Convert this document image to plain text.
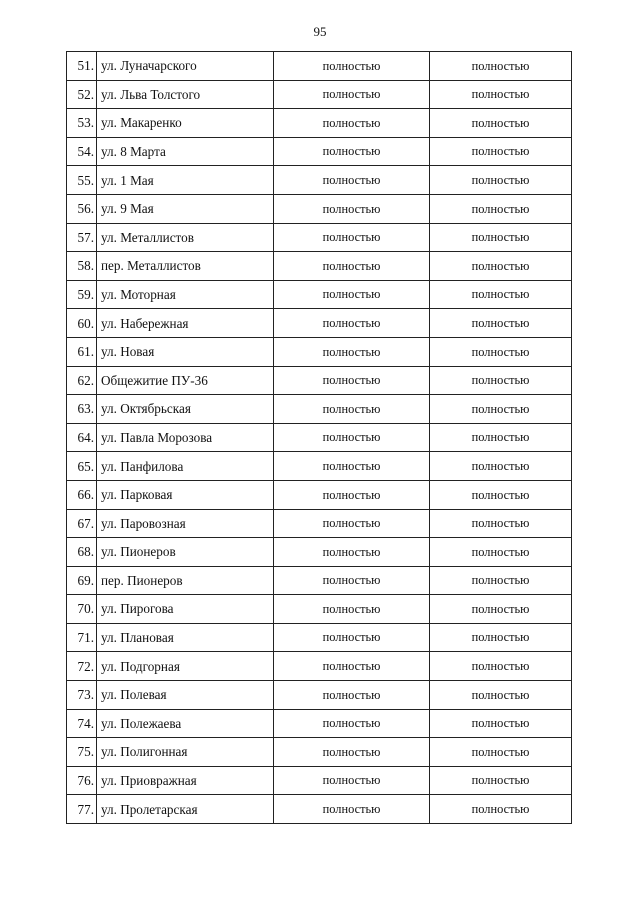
95
51.	ул. Луначарского	полностью	полностью
52.	ул. Льва Толстого	полностью	полностью
53.	ул. Макаренко	полностью	полностью
54.	ул. 8 Марта	полностью	полностью
55.	ул. 1 Мая	полностью	полностью
56.	ул. 9 Мая	полностью	полностью
57.	ул. Металлистов	полностью	полностью
58.	пер. Металлистов	полностью	полностью
59.	ул. Моторная	полностью	полностью
60.	ул. Набережная	полностью	полностью
61.	ул. Новая	полностью	полностью
62.	Общежитие ПУ-36	полностью	полностью
63.	ул. Октябрьская	полностью	полностью
64.	ул. Павла Морозова	полностью	полностью
65.	ул. Панфилова	полностью	полностью
66.	ул. Парковая	полностью	полностью
67.	ул. Паровозная	полностью	полностью
68.	ул. Пионеров	полностью	полностью
69.	пер. Пионеров	полностью	полностью
70.	ул. Пирогова	полностью	полностью
71.	ул. Плановая	полностью	полностью
72.	ул. Подгорная	полностью	полностью
73.	ул. Полевая	полностью	полностью
74.	ул. Полежаева	полностью	полностью
75.	ул. Полигонная	полностью	полностью
76.	ул. Приовражная	полностью	полностью
77.	ул. Пролетарская	полностью	полностью
